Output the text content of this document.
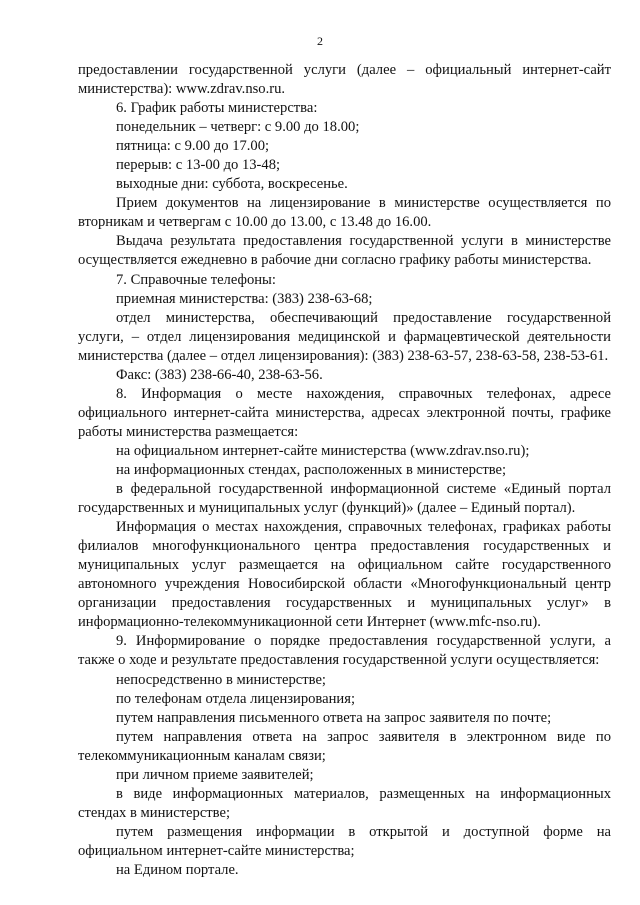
2

предоставлении государственной услуги (далее – официальный интернет-сайт министерства): www.zdrav.nso.ru.

6. График работы министерства:

понедельник – четверг: с 9.00 до 18.00;

пятница: с 9.00 до 17.00;

перерыв: с 13-00 до 13-48;

выходные дни: суббота, воскресенье.

Прием документов на лицензирование в министерстве осуществляется по вторникам и четвергам с 10.00 до 13.00, с 13.48 до 16.00.

Выдача результата предоставления государственной услуги в министерстве осуществляется ежедневно в рабочие дни согласно графику работы министерства.

7. Справочные телефоны:

приемная министерства: (383) 238-63-68;

отдел министерства, обеспечивающий предоставление государственной услуги, – отдел лицензирования медицинской и фармацевтической деятельности министерства (далее – отдел лицензирования): (383) 238-63-57, 238-63-58, 238-53-61.

Факс: (383) 238-66-40, 238-63-56.

8. Информация о месте нахождения, справочных телефонах, адресе официального интернет-сайта министерства, адресах электронной почты, графике работы министерства размещается:

на официальном интернет-сайте министерства (www.zdrav.nso.ru);

на информационных стендах, расположенных в министерстве;

в федеральной государственной информационной системе «Единый портал государственных и муниципальных услуг (функций)» (далее – Единый портал).

Информация о местах нахождения, справочных телефонах, графиках работы филиалов многофункционального центра предоставления государственных и муниципальных услуг размещается на официальном сайте государственного автономного учреждения Новосибирской области «Многофункциональный центр организации предоставления государственных и муниципальных услуг» в информационно-телекоммуникационной сети Интернет (www.mfc-nso.ru).

9. Информирование о порядке предоставления государственной услуги, а также о ходе и результате предоставления государственной услуги осуществляется:

непосредственно в министерстве;

по телефонам отдела лицензирования;

путем направления письменного ответа на запрос заявителя по почте;

путем направления ответа на запрос заявителя в электронном виде по телекоммуникационным каналам связи;

при личном приеме заявителей;

в виде информационных материалов, размещенных на информационных стендах в министерстве;

путем размещения информации в открытой и доступной форме на официальном интернет-сайте министерства;

на Едином портале.
